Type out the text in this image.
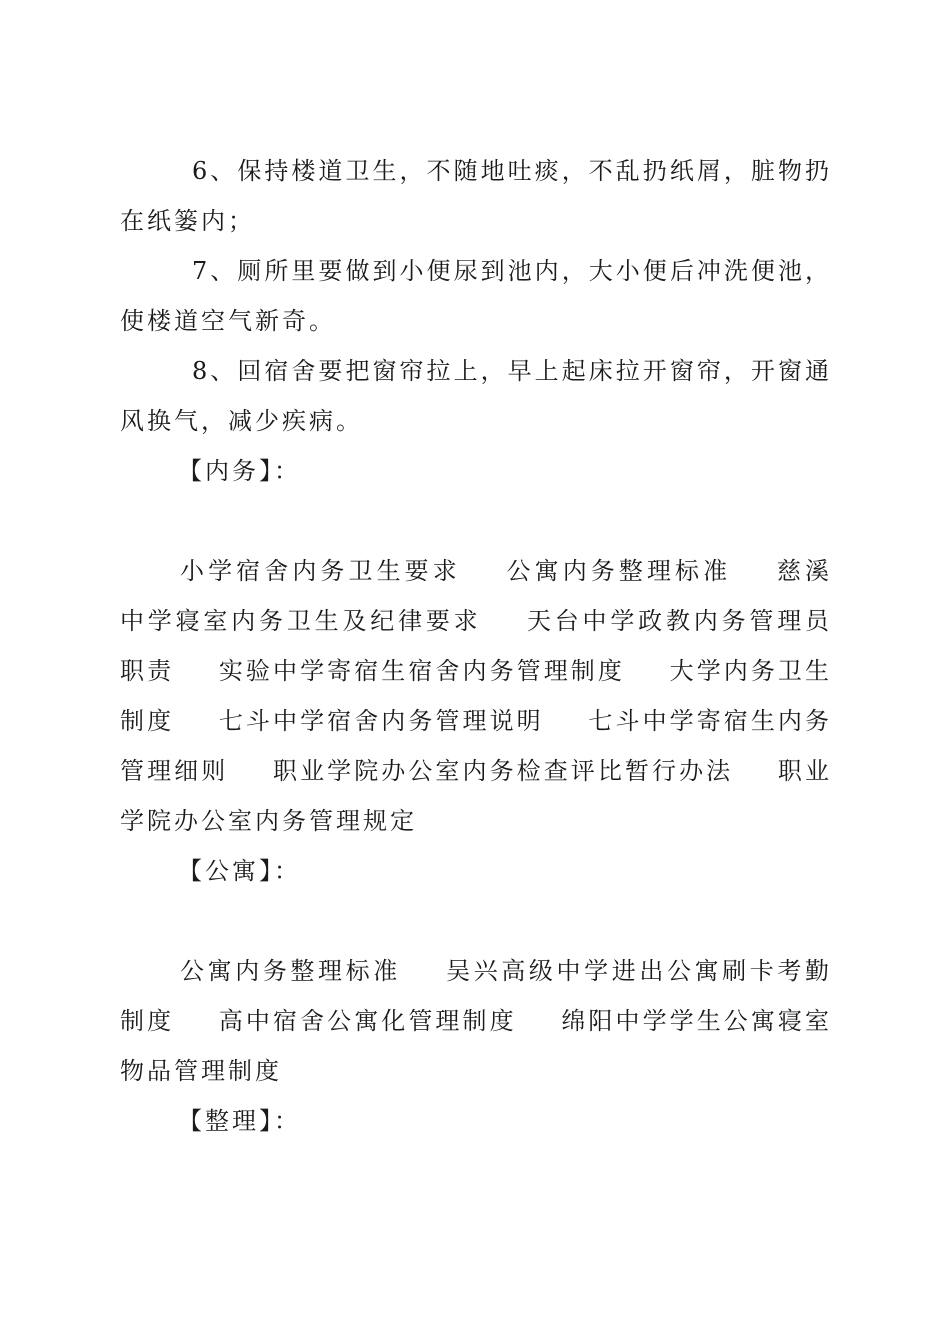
6、保持楼道卫生，不随地吐痰，不乱扔纸屑，脏物扔在纸篓内；

7、厕所里要做到小便尿到池内，大小便后冲洗便池，使楼道空气新奇。

8、回宿舍要把窗帘拉上，早上起床拉开窗帘，开窗通风换气，减少疾病。

【内务】：

小学宿舍内务卫生要求 公寓内务整理标准 慈溪中学寝室内务卫生及纪律要求 天台中学政教内务管理员职责 实验中学寄宿生宿舍内务管理制度 大学内务卫生制度 七斗中学宿舍内务管理说明 七斗中学寄宿生内务管理细则 职业学院办公室内务检查评比暂行办法 职业学院办公室内务管理规定

【公寓】：

公寓内务整理标准 吴兴高级中学进出公寓刷卡考勤制度 高中宿舍公寓化管理制度 绵阳中学学生公寓寝室物品管理制度

【整理】：
